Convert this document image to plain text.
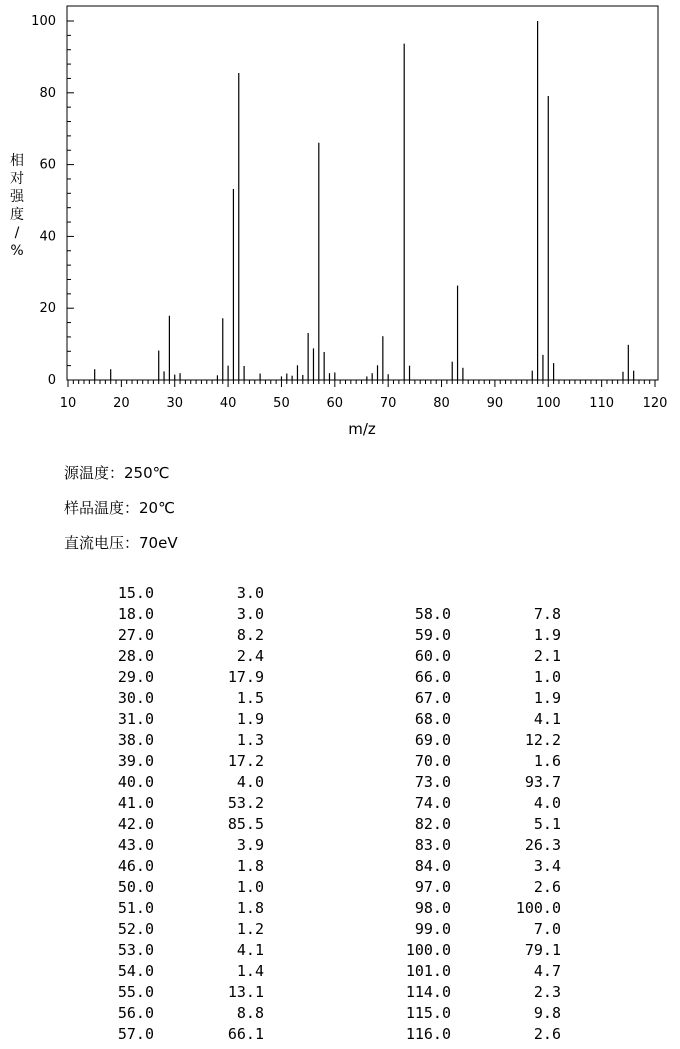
10	20	30	40	50	60	70	80	90	100 110 120
0
20
40
60
80
100
m/z
相对强度/ %
源温度：250℃
样品温度：20℃
直流电压：70eV
15.0	3.0
18.0	3.0
27.0	8.2
28.0	2.4
29.0	17.9
30.0	1.5
31.0	1.9
38.0	1.3
39.0	17.2
40.0	4.0
41.0	53.2
42.0	85.5
43.0	3.9
46.0	1.8
50.0	1.0
51.0	1.8
52.0	1.2
53.0	4.1
54.0	1.4
55.0	13.1
56.0	8.8
57.0	66.1
58.0	7.8
59.0	1.9
60.0	2.1
66.0	1.0
67.0	1.9
68.0	4.1
69.0	12.2
70.0	1.6
73.0	93.7
74.0	4.0
82.0	5.1
83.0	26.3
84.0	3.4
97.0	2.6
98.0	100.0
99.0	7.0
100.0	79.1
101.0	4.7
114.0	2.3
115.0	9.8
116.0	2.6
